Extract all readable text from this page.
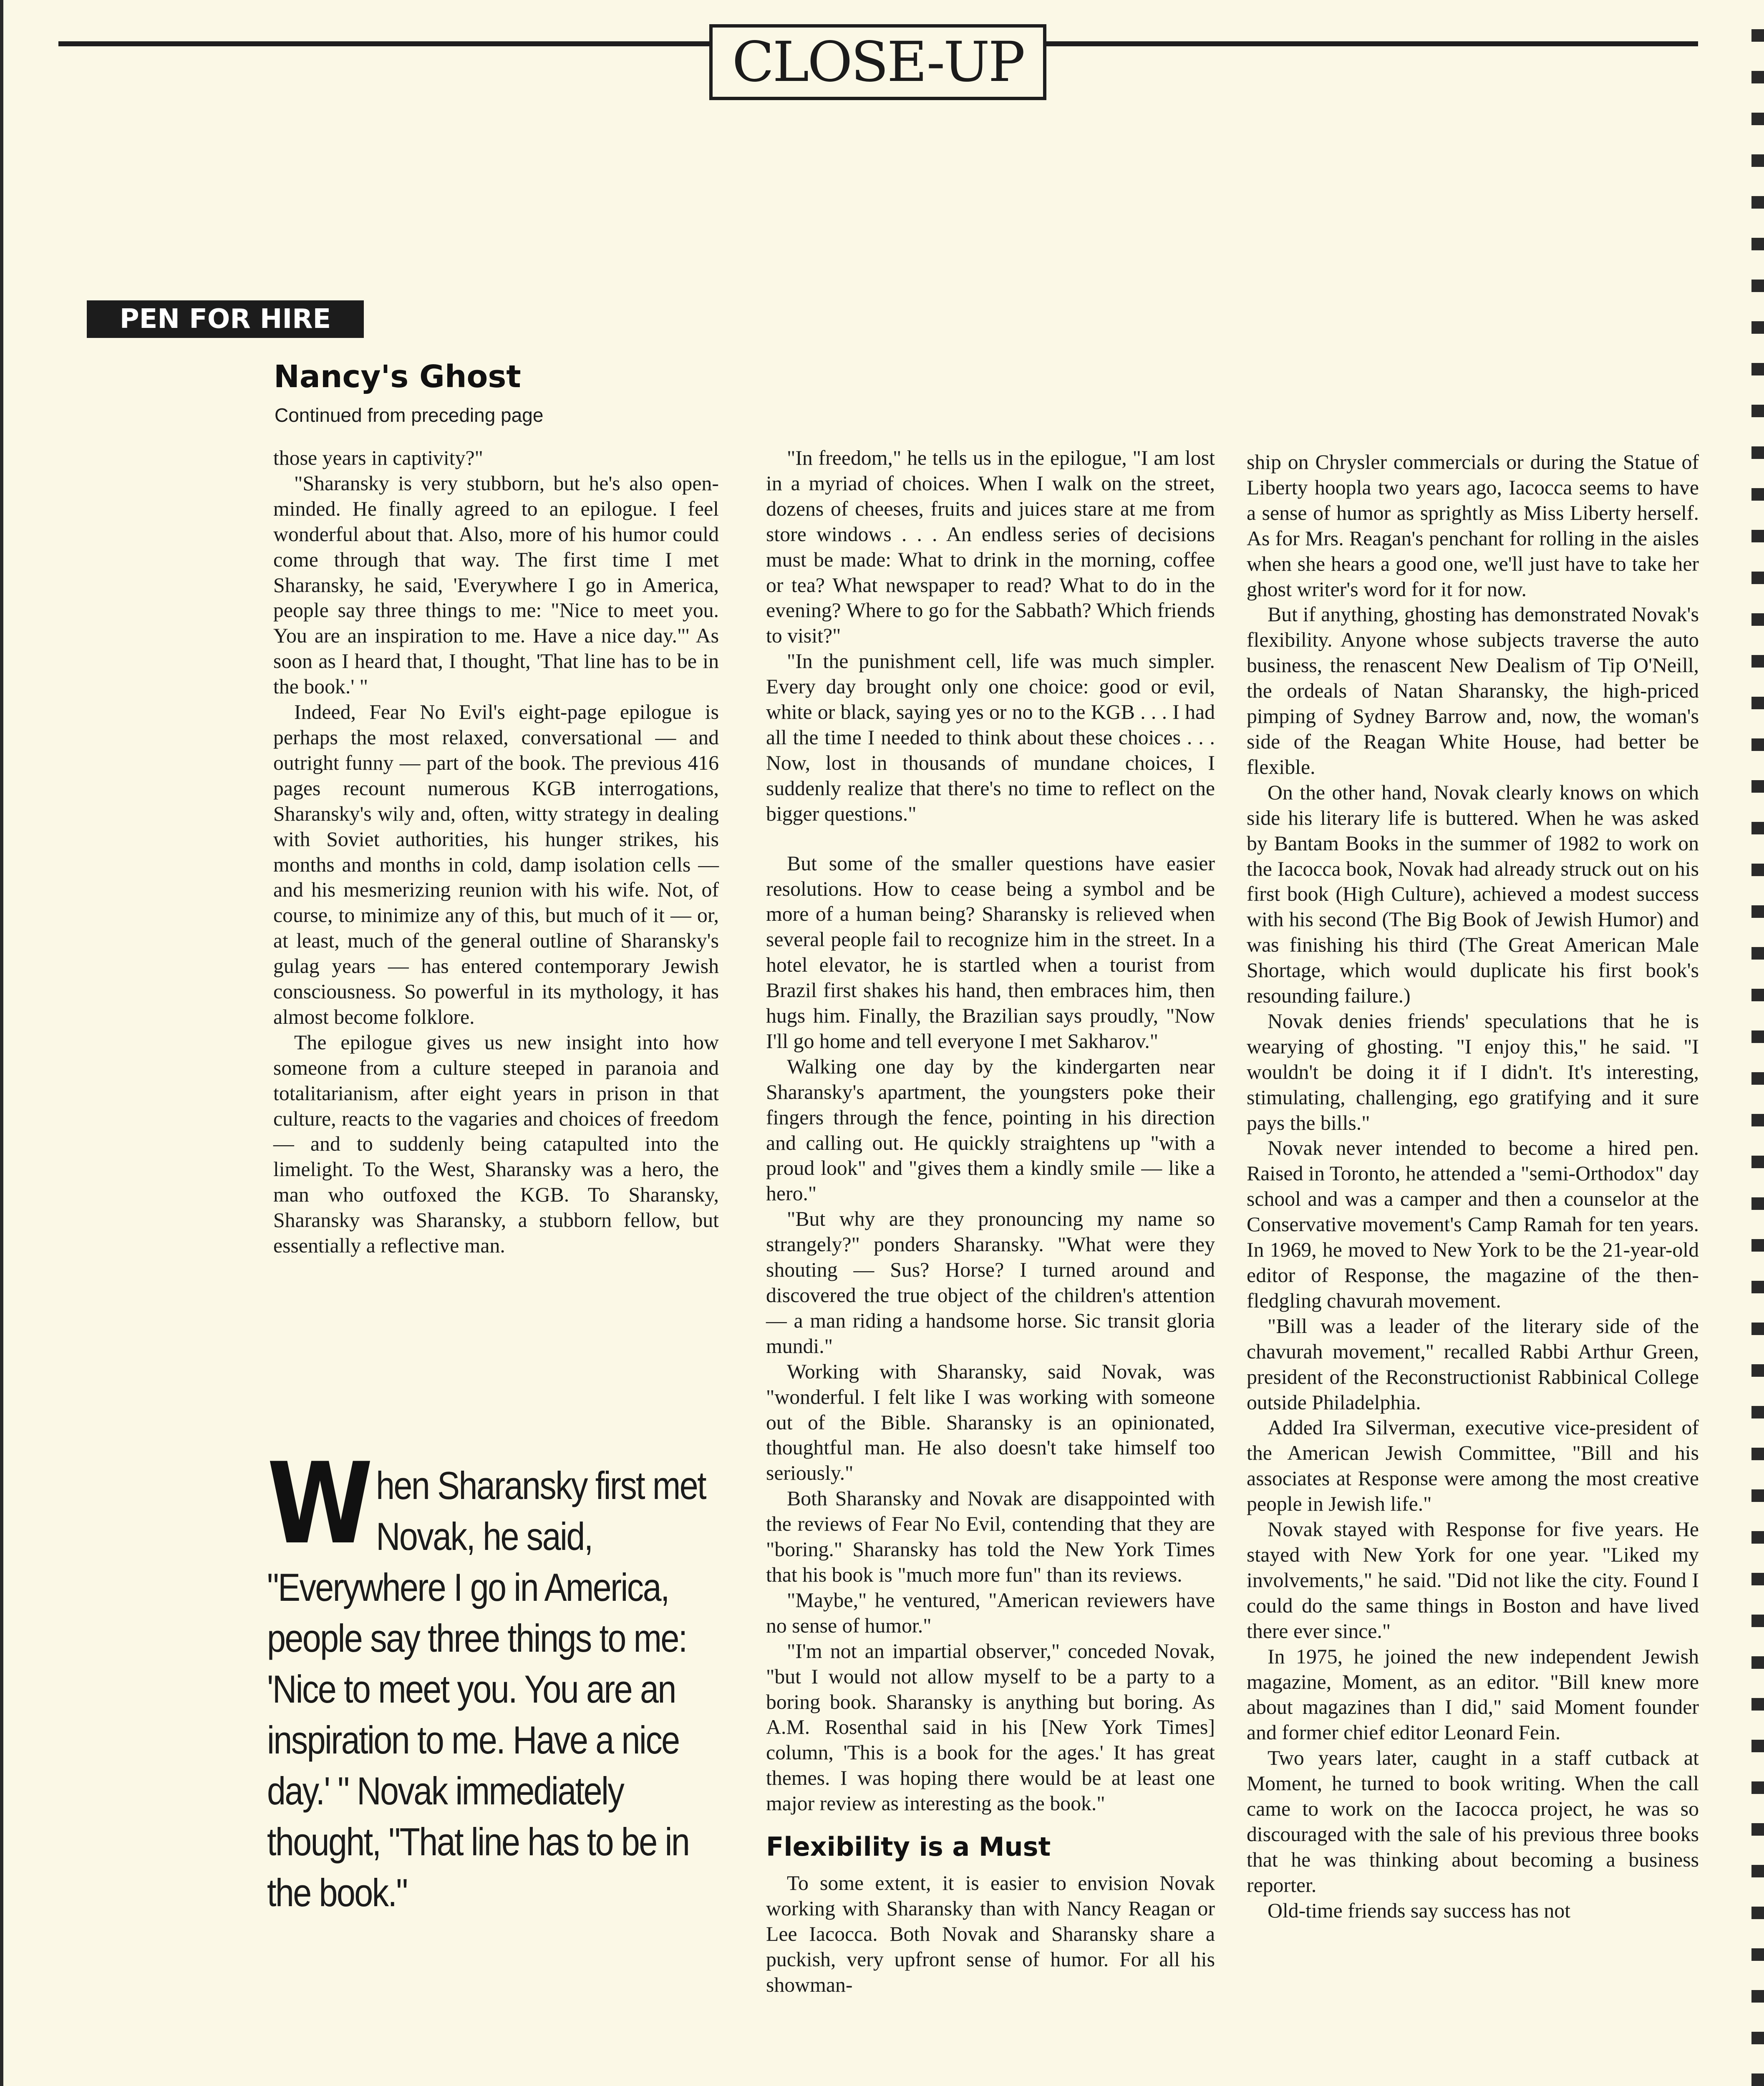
CLOSE-UP
PEN FOR HIRE
Nancy's Ghost
Continued from preceding page

those years in captivity?"

"Sharansky is very stubborn, but he's also open-minded. He finally agreed to an epilogue. I feel wonderful about that. Also, more of his humor could come through that way. The first time I met Sharansky, he said, 'Everywhere I go in America, people say three things to me: "Nice to meet you. You are an inspiration to me. Have a nice day."' As soon as I heard that, I thought, 'That line has to be in the book.' "

Indeed, Fear No Evil's eight-page epilogue is perhaps the most relaxed, conversational — and outright funny — part of the book. The previous 416 pages recount numerous KGB interrogations, Sharansky's wily and, often, witty strategy in dealing with Soviet authorities, his hunger strikes, his months and months in cold, damp isolation cells — and his mesmerizing reunion with his wife. Not, of course, to minimize any of this, but much of it — or, at least, much of the general outline of Sharansky's gulag years — has entered contemporary Jewish consciousness. So powerful in its mythology, it has almost become folklore.

The epilogue gives us new insight into how someone from a culture steeped in paranoia and totalitarianism, after eight years in prison in that culture, reacts to the vagaries and choices of freedom — and to suddenly being catapulted into the limelight. To the West, Sharansky was a hero, the man who outfoxed the KGB. To Sharansky, Sharansky was Sharansky, a stubborn fellow, but essentially a reflective man.

W hen Sharansky first met Novak, he said, "Everywhere I go in America, people say three things to me: 'Nice to meet you. You are an inspiration to me. Have a nice day.' " Novak immediately thought, "That line has to be in the book."

"In freedom," he tells us in the epilogue, "I am lost in a myriad of choices. When I walk on the street, dozens of cheeses, fruits and juices stare at me from store windows . . . An endless series of decisions must be made: What to drink in the morning, coffee or tea? What newspaper to read? What to do in the evening? Where to go for the Sabbath? Which friends to visit?"

"In the punishment cell, life was much simpler. Every day brought only one choice: good or evil, white or black, saying yes or no to the KGB . . . I had all the time I needed to think about these choices . . . Now, lost in thousands of mundane choices, I suddenly realize that there's no time to reflect on the bigger questions."

But some of the smaller questions have easier resolutions. How to cease being a symbol and be more of a human being? Sharansky is relieved when several people fail to recognize him in the street. In a hotel elevator, he is startled when a tourist from Brazil first shakes his hand, then embraces him, then hugs him. Finally, the Brazilian says proudly, "Now I'll go home and tell everyone I met Sakharov."

Walking one day by the kindergarten near Sharansky's apartment, the youngsters poke their fingers through the fence, pointing in his direction and calling out. He quickly straightens up "with a proud look" and "gives them a kindly smile — like a hero."

"But why are they pronouncing my name so strangely?" ponders Sharansky. "What were they shouting — Sus? Horse? I turned around and discovered the true object of the children's attention — a man riding a handsome horse. Sic transit gloria mundi."

Working with Sharansky, said Novak, was "wonderful. I felt like I was working with someone out of the Bible. Sharansky is an opinionated, thoughtful man. He also doesn't take himself too seriously."

Both Sharansky and Novak are disappointed with the reviews of Fear No Evil, contending that they are "boring." Sharansky has told the New York Times that his book is "much more fun" than its reviews.

"Maybe," he ventured, "American reviewers have no sense of humor."

"I'm not an impartial observer," conceded Novak, "but I would not allow myself to be a party to a boring book. Sharansky is anything but boring. As A.M. Rosenthal said in his [New York Times] column, 'This is a book for the ages.' It has great themes. I was hoping there would be at least one major review as interesting as the book."

Flexibility is a Must

To some extent, it is easier to envision Novak working with Sharansky than with Nancy Reagan or Lee Iacocca. Both Novak and Sharansky share a puckish, very upfront sense of humor. For all his showman-

ship on Chrysler commercials or during the Statue of Liberty hoopla two years ago, Iacocca seems to have a sense of humor as sprightly as Miss Liberty herself. As for Mrs. Reagan's penchant for rolling in the aisles when she hears a good one, we'll just have to take her ghost writer's word for it for now.

But if anything, ghosting has demonstrated Novak's flexibility. Anyone whose subjects traverse the auto business, the renascent New Dealism of Tip O'Neill, the ordeals of Natan Sharansky, the high-priced pimping of Sydney Barrow and, now, the woman's side of the Reagan White House, had better be flexible.

On the other hand, Novak clearly knows on which side his literary life is buttered. When he was asked by Bantam Books in the summer of 1982 to work on the Iacocca book, Novak had already struck out on his first book (High Culture), achieved a modest success with his second (The Big Book of Jewish Humor) and was finishing his third (The Great American Male Shortage, which would duplicate his first book's resounding failure.)

Novak denies friends' speculations that he is wearying of ghosting. "I enjoy this," he said. "I wouldn't be doing it if I didn't. It's interesting, stimulating, challenging, ego gratifying and it sure pays the bills."

Novak never intended to become a hired pen. Raised in Toronto, he attended a "semi-Orthodox" day school and was a camper and then a counselor at the Conservative movement's Camp Ramah for ten years. In 1969, he moved to New York to be the 21-year-old editor of Response, the magazine of the then-fledgling chavurah movement.

"Bill was a leader of the literary side of the chavurah movement," recalled Rabbi Arthur Green, president of the Reconstructionist Rabbinical College outside Philadelphia.

Added Ira Silverman, executive vice-president of the American Jewish Committee, "Bill and his associates at Response were among the most creative people in Jewish life."

Novak stayed with Response for five years. He stayed with New York for one year. "Liked my involvements," he said. "Did not like the city. Found I could do the same things in Boston and have lived there ever since."

In 1975, he joined the new independent Jewish magazine, Moment, as an editor. "Bill knew more about magazines than I did," said Moment founder and former chief editor Leonard Fein.

Two years later, caught in a staff cutback at Moment, he turned to book writing. When the call came to work on the Iacocca project, he was so discouraged with the sale of his previous three books that he was thinking about becoming a business reporter.

Old-time friends say success has not
